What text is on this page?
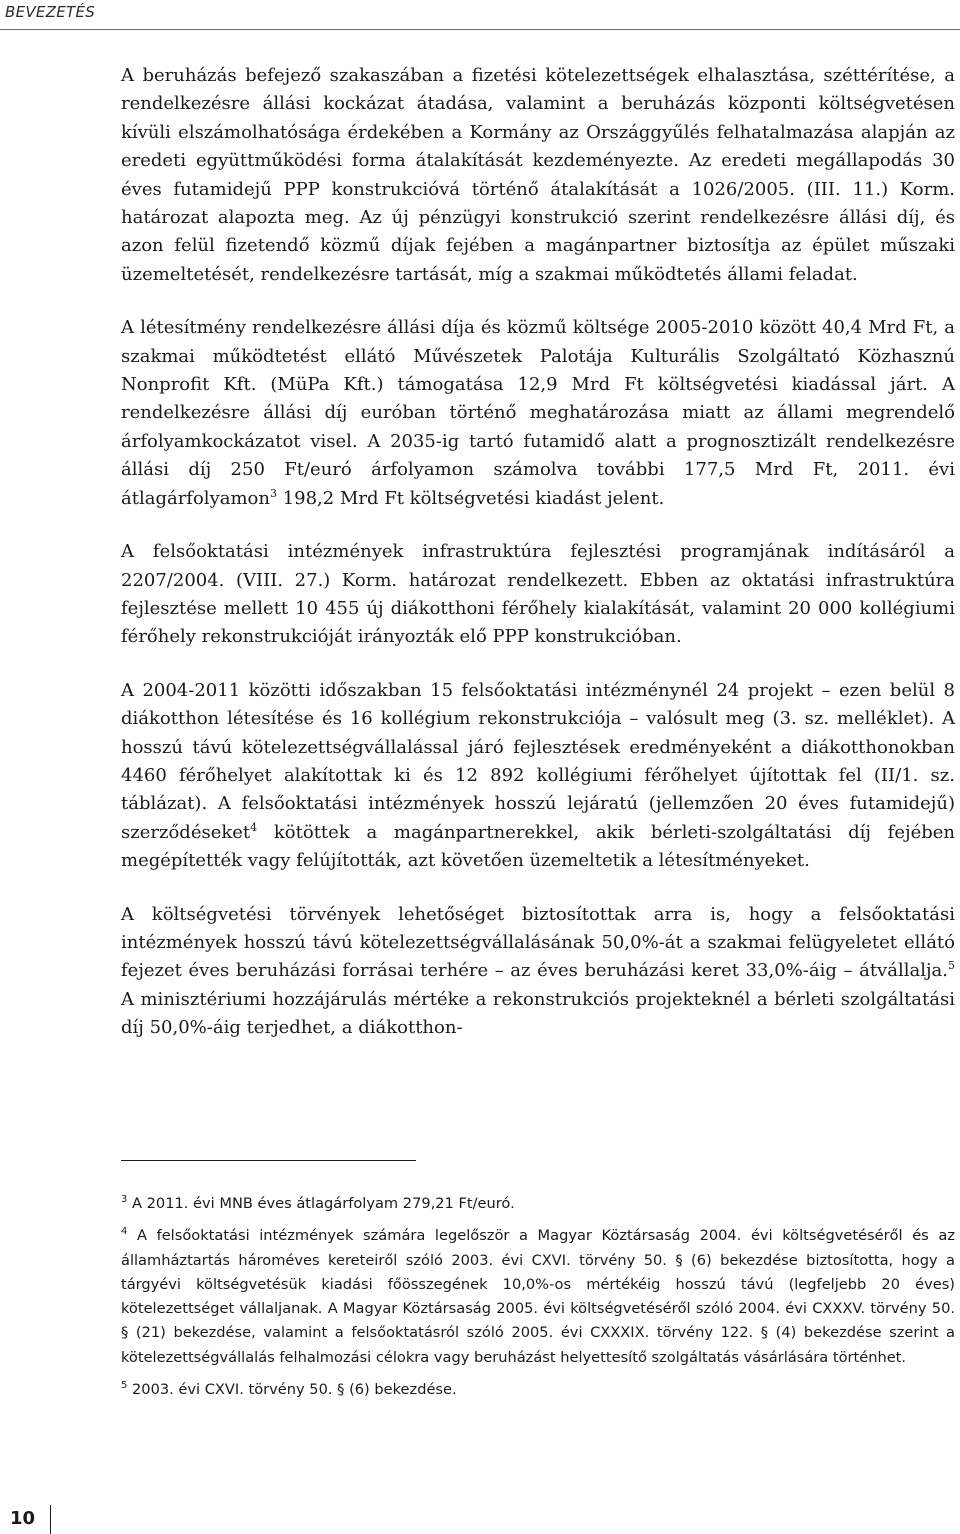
BEVEZETÉS

A beruházás befejező szakaszában a fizetési kötelezettségek elhalasztása, széttérítése, a rendelkezésre állási kockázat átadása, valamint a beruházás központi költségvetésen kívüli elszámolhatósága érdekében a Kormány az Országgyűlés felhatalmazása alapján az eredeti együttműködési forma átalakítását kezdeményezte. Az eredeti megállapodás 30 éves futamidejű PPP konstrukcióvá történő átalakítását a 1026/2005. (III. 11.) Korm. határozat alapozta meg. Az új pénzügyi konstrukció szerint rendelkezésre állási díj, és azon felül fizetendő közmű díjak fejében a magánpartner biztosítja az épület műszaki üzemeltetését, rendelkezésre tartását, míg a szakmai működtetés állami feladat.

A létesítmény rendelkezésre állási díja és közmű költsége 2005-2010 között 40,4 Mrd Ft, a szakmai működtetést ellátó Művészetek Palotája Kulturális Szolgáltató Közhasznú Nonprofit Kft. (MüPa Kft.) támogatása 12,9 Mrd Ft költségvetési kiadással járt. A rendelkezésre állási díj euróban történő meghatározása miatt az állami megrendelő árfolyamkockázatot visel. A 2035-ig tartó futamidő alatt a prognosztizált rendelkezésre állási díj 250 Ft/euró árfolyamon számolva további 177,5 Mrd Ft, 2011. évi átlagárfolyamon$^3$ 198,2 Mrd Ft költségvetési kiadást jelent.

A felsőoktatási intézmények infrastruktúra fejlesztési programjának indításáról a 2207/2004. (VIII. 27.) Korm. határozat rendelkezett. Ebben az oktatási infrastruktúra fejlesztése mellett 10 455 új diákotthoni férőhely kialakítását, valamint 20 000 kollégiumi férőhely rekonstrukcióját irányozták elő PPP konstrukcióban.

A 2004-2011 közötti időszakban 15 felsőoktatási intézménynél 24 projekt – ezen belül 8 diákotthon létesítése és 16 kollégium rekonstrukciója – valósult meg (3. sz. melléklet). A hosszú távú kötelezettségvállalással járó fejlesztések eredményeként a diákotthonokban 4460 férőhelyet alakítottak ki és 12 892 kollégiumi férőhelyet újítottak fel (II/1. sz. táblázat). A felsőoktatási intézmények hosszú lejáratú (jellemzően 20 éves futamidejű) szerződéseket$^4$ kötöttek a magánpartnerekkel, akik bérleti-szolgáltatási díj fejében megépítették vagy felújították, azt követően üzemeltetik a létesítményeket.

A költségvetési törvények lehetőséget biztosítottak arra is, hogy a felsőoktatási intézmények hosszú távú kötelezettségvállalásának 50,0%-át a szakmai felügyeletet ellátó fejezet éves beruházási forrásai terhére – az éves beruházási keret 33,0%-áig – átvállalja.$^5$ A minisztériumi hozzájárulás mértéke a rekonstrukciós projekteknél a bérleti szolgáltatási díj 50,0%-áig terjedhet, a diákotthon-

$^3$ A 2011. évi MNB éves átlagárfolyam 279,21 Ft/euró.
$^4$ A felsőoktatási intézmények számára legelőször a Magyar Köztársaság 2004. évi költségvetéséről és az államháztartás hároméves kereteiről szóló 2003. évi CXVI. törvény 50. § (6) bekezdése biztosította, hogy a tárgyévi költségvetésük kiadási főösszegének 10,0%-os mértékéig hosszú távú (legfeljebb 20 éves) kötelezettséget vállaljanak. A Magyar Köztársaság 2005. évi költségvetéséről szóló 2004. évi CXXXV. törvény 50. § (21) bekezdése, valamint a felsőoktatásról szóló 2005. évi CXXXIX. törvény 122. § (4) bekezdése szerint a kötelezettségvállalás felhalmozási célokra vagy beruházást helyettesítő szolgáltatás vásárlására történhet.
$^5$ 2003. évi CXVI. törvény 50. § (6) bekezdése.
10
